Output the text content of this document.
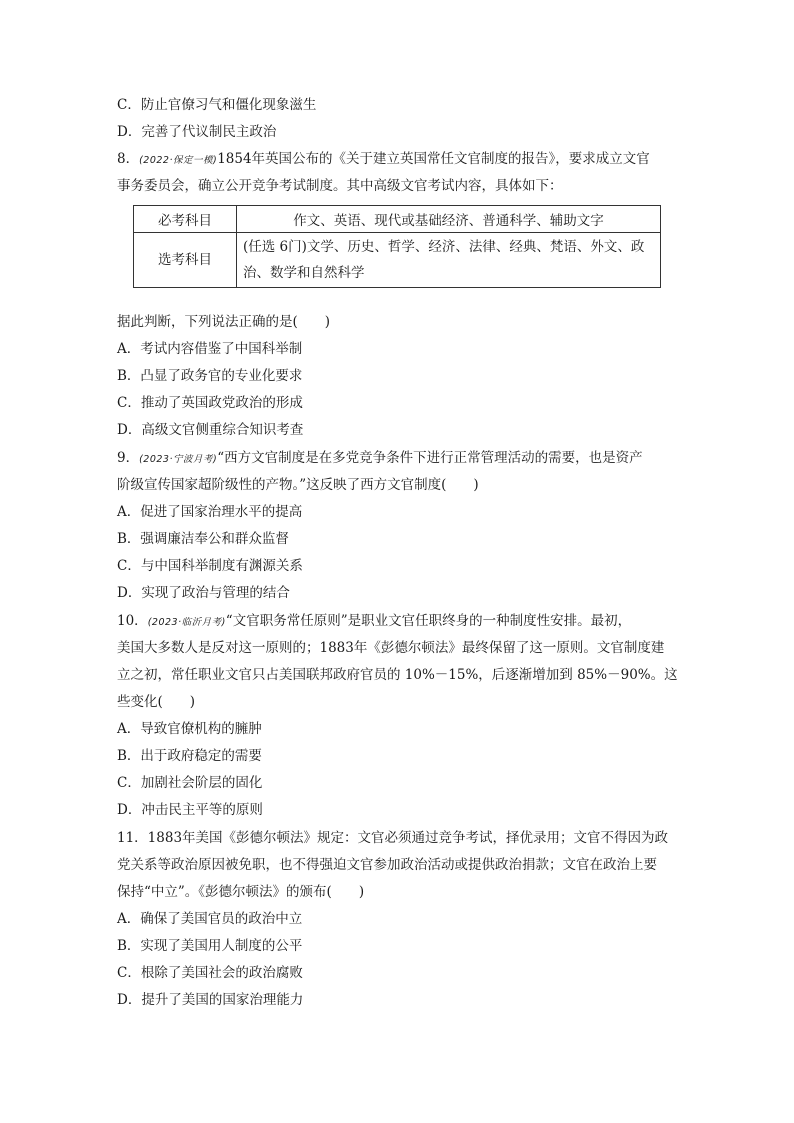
C．防止官僚习气和僵化现象滋生
D．完善了代议制民主政治
8．(2022·保定一模)1854年英国公布的《关于建立英国常任文官制度的报告》，要求成立文官
事务委员会，确立公开竞争考试制度。其中高级文官考试内容，具体如下：
必考科目	作文、英语、现代或基础经济、普通科学、辅助文字
选考科目	(任选 6门)文学、历史、哲学、经济、法律、经典、梵语、外文、政
治、数学和自然科学
据此判断，下列说法正确的是(　　)
A．考试内容借鉴了中国科举制
B．凸显了政务官的专业化要求
C．推动了英国政党政治的形成
D．高级文官侧重综合知识考查
9．(2023·宁波月考)“西方文官制度是在多党竞争条件下进行正常管理活动的需要，也是资产
阶级宣传国家超阶级性的产物。”这反映了西方文官制度(　　)
A．促进了国家治理水平的提高
B．强调廉洁奉公和群众监督
C．与中国科举制度有渊源关系
D．实现了政治与管理的结合
10．(2023·临沂月考)“文官职务常任原则”是职业文官任职终身的一种制度性安排。最初，
美国大多数人是反对这一原则的；1883年《彭德尔顿法》最终保留了这一原则。文官制度建
立之初，常任职业文官只占美国联邦政府官员的 10%－15%，后逐渐增加到 85%－90%。这
些变化(　　)
A．导致官僚机构的臃肿
B．出于政府稳定的需要
C．加剧社会阶层的固化
D．冲击民主平等的原则
11．1883年美国《彭德尔顿法》规定：文官必须通过竞争考试，择优录用；文官不得因为政
党关系等政治原因被免职，也不得强迫文官参加政治活动或提供政治捐款；文官在政治上要
保持“中立”。《彭德尔顿法》的颁布(　　)
A．确保了美国官员的政治中立
B．实现了美国用人制度的公平
C．根除了美国社会的政治腐败
D．提升了美国的国家治理能力
